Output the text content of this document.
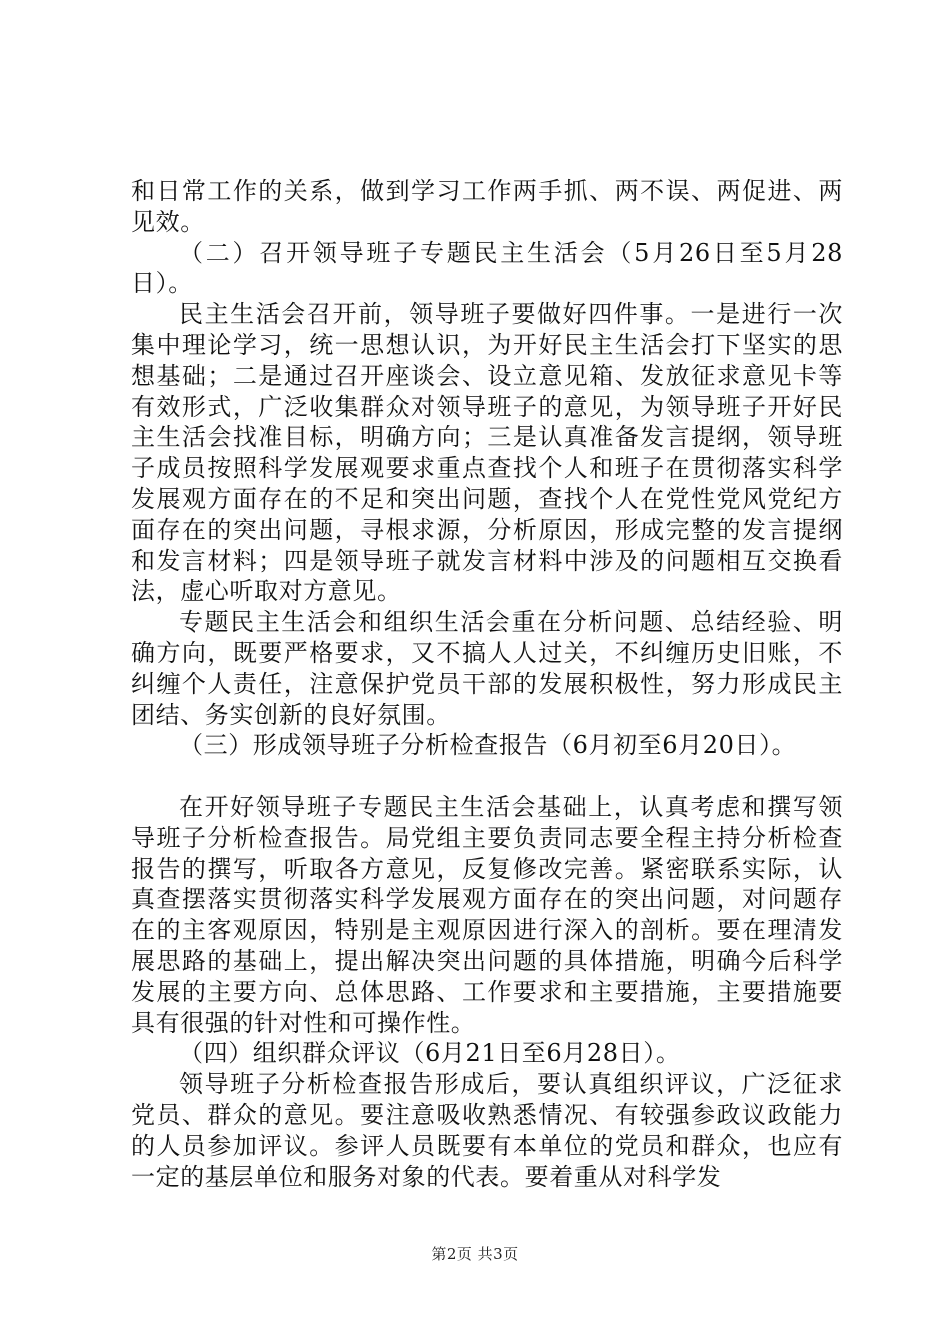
和日常工作的关系，做到学习工作两手抓、两不误、两促进、两见效。

（二）召开领导班子专题民主生活会（5月26日至5月28日）。

民主生活会召开前，领导班子要做好四件事。一是进行一次集中理论学习，统一思想认识，为开好民主生活会打下坚实的思想基础；二是通过召开座谈会、设立意见箱、发放征求意见卡等有效形式，广泛收集群众对领导班子的意见，为领导班子开好民主生活会找准目标，明确方向；三是认真准备发言提纲，领导班子成员按照科学发展观要求重点查找个人和班子在贯彻落实科学发展观方面存在的不足和突出问题，查找个人在党性党风党纪方面存在的突出问题，寻根求源，分析原因，形成完整的发言提纲和发言材料；四是领导班子就发言材料中涉及的问题相互交换看法，虚心听取对方意见。

专题民主生活会和组织生活会重在分析问题、总结经验、明确方向，既要严格要求，又不搞人人过关，不纠缠历史旧账，不纠缠个人责任，注意保护党员干部的发展积极性，努力形成民主团结、务实创新的良好氛围。

（三）形成领导班子分析检查报告（6月初至6月20日）。

在开好领导班子专题民主生活会基础上，认真考虑和撰写领导班子分析检查报告。局党组主要负责同志要全程主持分析检查报告的撰写，听取各方意见，反复修改完善。紧密联系实际，认真查摆落实贯彻落实科学发展观方面存在的突出问题，对问题存在的主客观原因，特别是主观原因进行深入的剖析。要在理清发展思路的基础上，提出解决突出问题的具体措施，明确今后科学发展的主要方向、总体思路、工作要求和主要措施，主要措施要具有很强的针对性和可操作性。

（四）组织群众评议（6月21日至6月28日）。

领导班子分析检查报告形成后，要认真组织评议，广泛征求党员、群众的意见。要注意吸收熟悉情况、有较强参政议政能力的人员参加评议。参评人员既要有本单位的党员和群众，也应有一定的基层单位和服务对象的代表。要着重从对科学发

第2页 共3页
